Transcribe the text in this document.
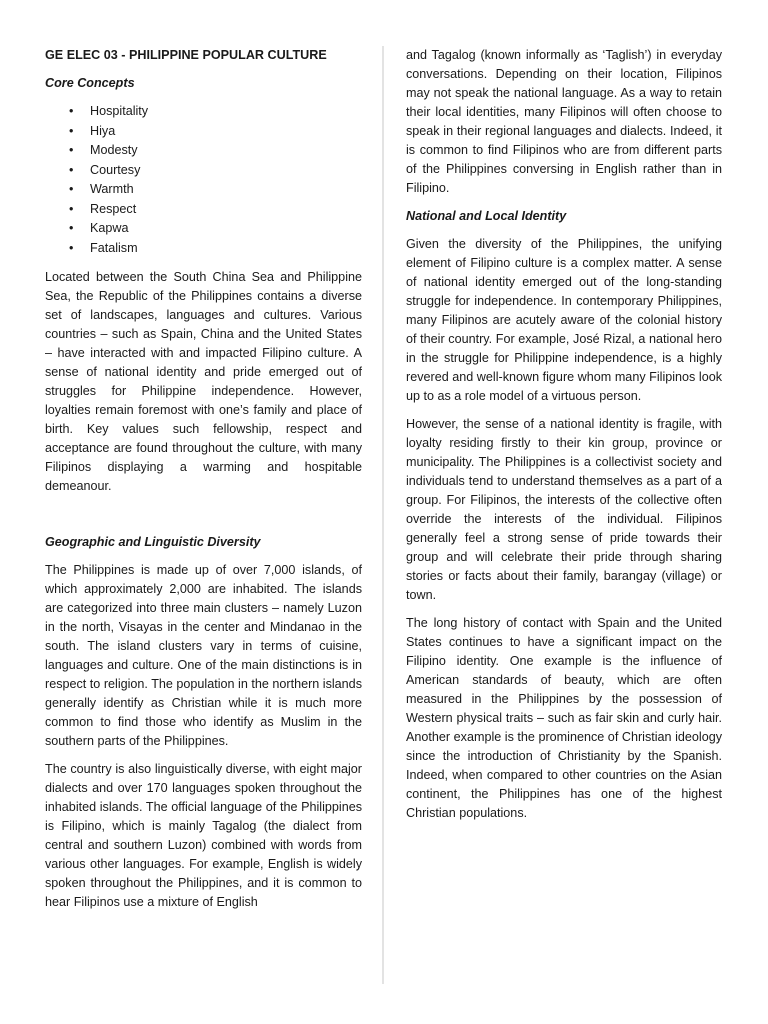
GE ELEC 03 - PHILIPPINE POPULAR CULTURE
Core Concepts
• Hospitality
• Hiya
• Modesty
• Courtesy
• Warmth
• Respect
• Kapwa
• Fatalism

Located between the South China Sea and Philippine Sea, the Republic of the Philippines contains a diverse set of landscapes, languages and cultures. Various countries – such as Spain, China and the United States – have interacted with and impacted Filipino culture. A sense of national identity and pride emerged out of struggles for Philippine independence. However, loyalties remain foremost with one’s family and place of birth. Key values such fellowship, respect and acceptance are found throughout the culture, with many Filipinos displaying a warming and hospitable demeanour.

Geographic and Linguistic Diversity

The Philippines is made up of over 7,000 islands, of which approximately 2,000 are inhabited. The islands are categorized into three main clusters – namely Luzon in the north, Visayas in the center and Mindanao in the south. The island clusters vary in terms of cuisine, languages and culture. One of the main distinctions is in respect to religion. The population in the northern islands generally identify as Christian while it is much more common to find those who identify as Muslim in the southern parts of the Philippines.

The country is also linguistically diverse, with eight major dialects and over 170 languages spoken throughout the inhabited islands. The official language of the Philippines is Filipino, which is mainly Tagalog (the dialect from central and southern Luzon) combined with words from various other languages. For example, English is widely spoken throughout the Philippines, and it is common to hear Filipinos use a mixture of English

and Tagalog (known informally as ‘Taglish’) in everyday conversations. Depending on their location, Filipinos may not speak the national language. As a way to retain their local identities, many Filipinos will often choose to speak in their regional languages and dialects. Indeed, it is common to find Filipinos who are from different parts of the Philippines conversing in English rather than in Filipino.

National and Local Identity

Given the diversity of the Philippines, the unifying element of Filipino culture is a complex matter. A sense of national identity emerged out of the long-standing struggle for independence. In contemporary Philippines, many Filipinos are acutely aware of the colonial history of their country. For example, José Rizal, a national hero in the struggle for Philippine independence, is a highly revered and well-known figure whom many Filipinos look up to as a role model of a virtuous person.

However, the sense of a national identity is fragile, with loyalty residing firstly to their kin group, province or municipality. The Philippines is a collectivist society and individuals tend to understand themselves as a part of a group. For Filipinos, the interests of the collective often override the interests of the individual. Filipinos generally feel a strong sense of pride towards their group and will celebrate their pride through sharing stories or facts about their family, barangay (village) or town.

The long history of contact with Spain and the United States continues to have a significant impact on the Filipino identity. One example is the influence of American standards of beauty, which are often measured in the Philippines by the possession of Western physical traits – such as fair skin and curly hair. Another example is the prominence of Christian ideology since the introduction of Christianity by the Spanish. Indeed, when compared to other countries on the Asian continent, the Philippines has one of the highest Christian populations.
